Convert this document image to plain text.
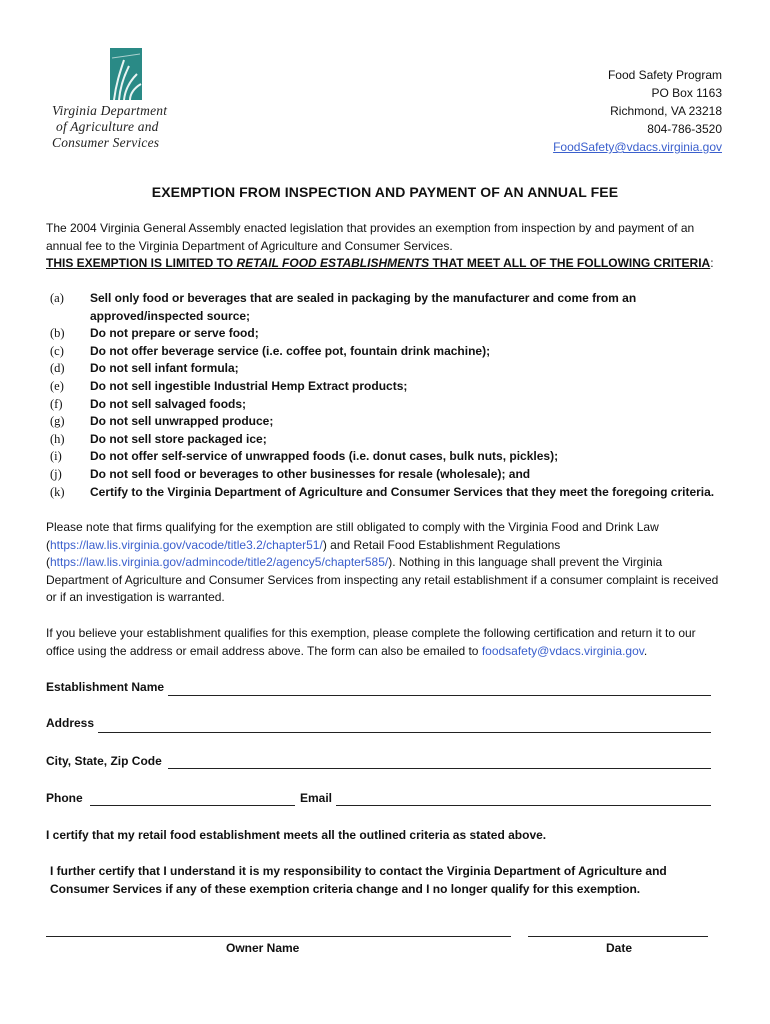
Virginia Department
of Agriculture and
Consumer Services
Food Safety Program
PO Box 1163
Richmond, VA 23218
804-786-3520
FoodSafety@vdacs.virginia.gov
EXEMPTION FROM INSPECTION AND PAYMENT OF AN ANNUAL FEE
The 2004 Virginia General Assembly enacted legislation that provides an exemption from inspection by and payment of an annual fee to the Virginia Department of Agriculture and Consumer Services.
THIS EXEMPTION IS LIMITED TO RETAIL FOOD ESTABLISHMENTS THAT MEET ALL OF THE FOLLOWING CRITERIA:
(a)	Sell only food or beverages that are sealed in packaging by the manufacturer and come from an approved/inspected source;
(b)	Do not prepare or serve food;
(c)	Do not offer beverage service (i.e. coffee pot, fountain drink machine);
(d)	Do not sell infant formula;
(e)	Do not sell ingestible Industrial Hemp Extract products;
(f)	Do not sell salvaged foods;
(g)	Do not sell unwrapped produce;
(h)	Do not sell store packaged ice;
(i)	Do not offer self-service of unwrapped foods (i.e. donut cases, bulk nuts, pickles);
(j)	Do not sell food or beverages to other businesses for resale (wholesale); and
(k)	Certify to the Virginia Department of Agriculture and Consumer Services that they meet the foregoing criteria.
Please note that firms qualifying for the exemption are still obligated to comply with the Virginia Food and Drink Law (https://law.lis.virginia.gov/vacode/title3.2/chapter51/) and Retail Food Establishment Regulations (https://law.lis.virginia.gov/admincode/title2/agency5/chapter585/). Nothing in this language shall prevent the Virginia Department of Agriculture and Consumer Services from inspecting any retail establishment if a consumer complaint is received or if an investigation is warranted.
If you believe your establishment qualifies for this exemption, please complete the following certification and return it to our office using the address or email address above. The form can also be emailed to foodsafety@vdacs.virginia.gov.
Establishment Name
Address
City, State, Zip Code
Phone	Email
I certify that my retail food establishment meets all the outlined criteria as stated above.
I further certify that I understand it is my responsibility to contact the Virginia Department of Agriculture and Consumer Services if any of these exemption criteria change and I no longer qualify for this exemption.
Owner Name	Date
